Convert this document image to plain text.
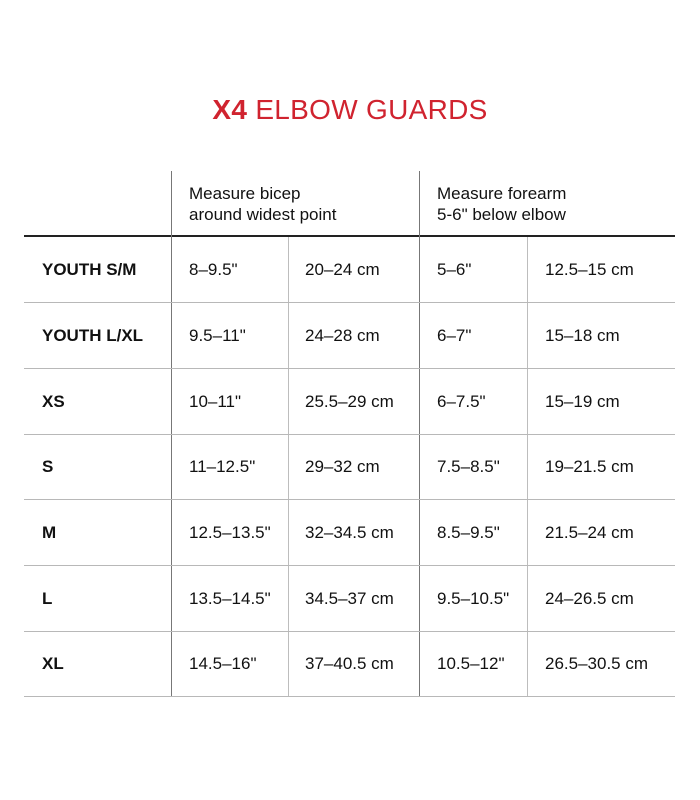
X4 ELBOW GUARDS
Measure bicep
around widest point
Measure forearm
5-6" below elbow
YOUTH S/M	8–9.5"	20–24 cm	5–6"	12.5–15 cm
YOUTH L/XL	9.5–11"	24–28 cm	6–7"	15–18 cm
XS	10–11"	25.5–29 cm	6–7.5"	15–19 cm
S	11–12.5"	29–32 cm	7.5–8.5"	19–21.5 cm
M	12.5–13.5" 32–34.5 cm	8.5–9.5"	21.5–24 cm
L	13.5–14.5" 34.5–37 cm	9.5–10.5" 24–26.5 cm
XL	14.5–16"	37–40.5 cm	10.5–12" 26.5–30.5 cm
